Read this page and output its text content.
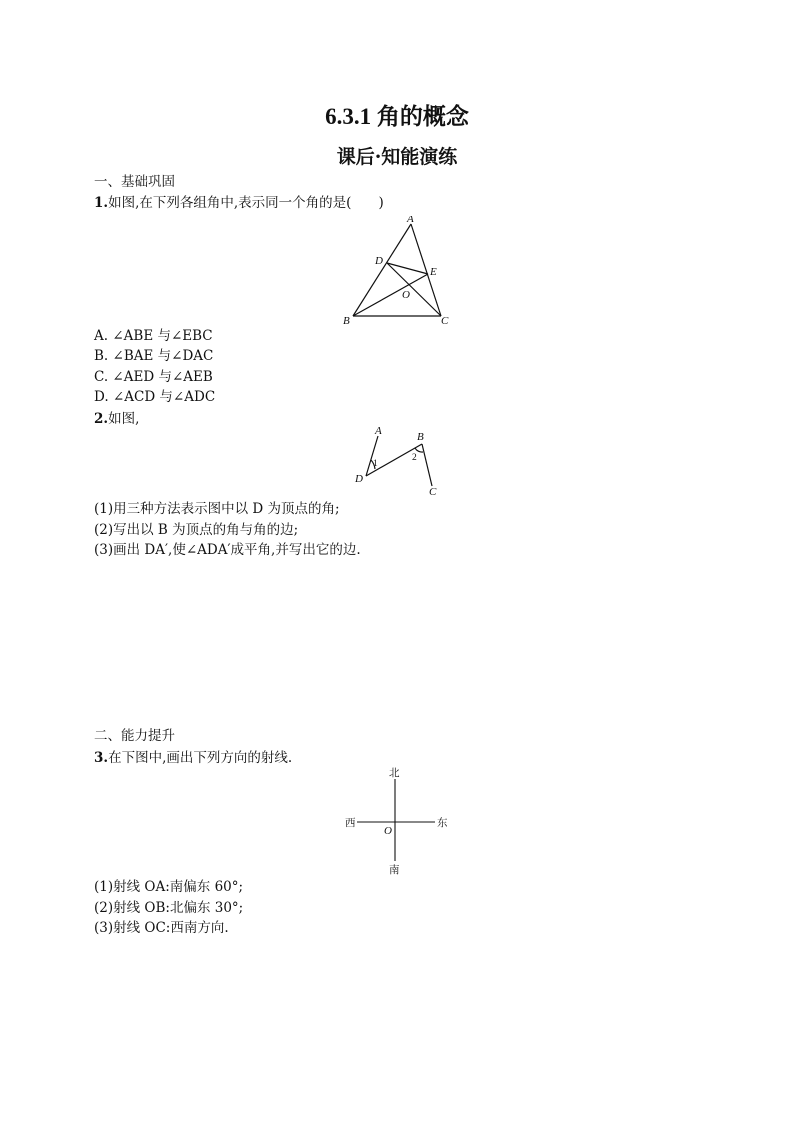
6.3.1 角的概念
课后·知能演练
一、基础巩固
1.如图,在下列各组角中,表示同一个角的是(　　)
A
B	C
D
E
O
A. ∠ABE 与∠EBC
B. ∠BAE 与∠DAC
C. ∠AED 与∠AEB
D. ∠ACD 与∠ADC
2.如图,
A	B
C
D
1
2
(1)用三种方法表示图中以 D 为顶点的角;
(2)写出以 B 为顶点的角与角的边;
(3)画出 DA′,使∠ADA′成平角,并写出它的边.
二、能力提升
3.在下图中,画出下列方向的射线.
北
南
东
西
O
(1)射线 OA:南偏东 60°;
(2)射线 OB:北偏东 30°;
(3)射线 OC:西南方向.
